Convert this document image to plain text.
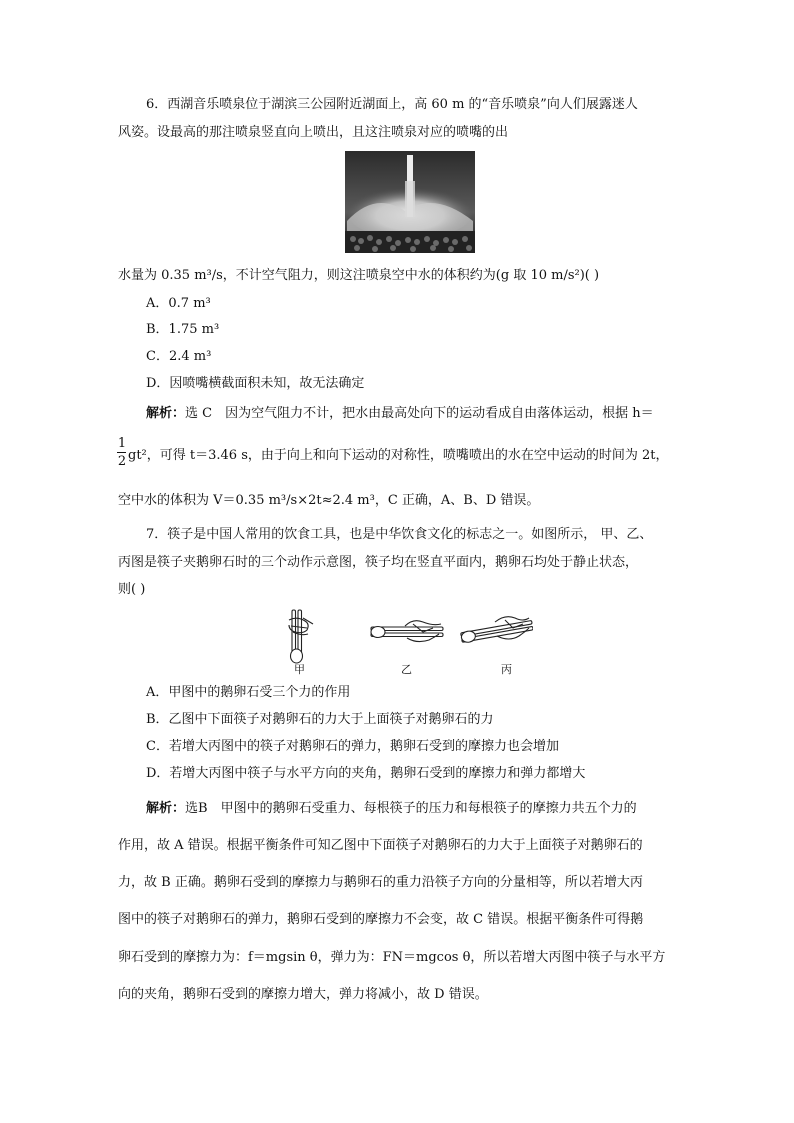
6．西湖音乐喷泉位于湖滨三公园附近湖面上，高 60 m 的“音乐喷泉”向人们展露迷人
风姿。设最高的那注喷泉竖直向上喷出，且这注喷泉对应的喷嘴的出
水量为 0.35 m³/s，不计空气阻力，则这注喷泉空中水的体积约为(g 取 10 m/s²)( )
A．0.7 m³
B．1.75 m³
C．2.4 m³
D．因喷嘴横截面积未知，故无法确定
解析：选 C　因为空气阻力不计，把水由最高处向下的运动看成自由落体运动，根据 h＝
1
2 gt²，可得 t＝3.46 s，由于向上和向下运动的对称性，喷嘴喷出的水在空中运动的时间为 2t，
空中水的体积为 V＝0.35 m³/s×2t≈2.4 m³，C 正确，A、B、D 错误。
7．筷子是中国人常用的饮食工具，也是中华饮食文化的标志之一。如图所示， 甲、乙、
丙图是筷子夹鹅卵石时的三个动作示意图，筷子均在竖直平面内，鹅卵石均处于静止状态，
则( )
甲	乙	丙
A．甲图中的鹅卵石受三个力的作用
B．乙图中下面筷子对鹅卵石的力大于上面筷子对鹅卵石的力
C．若增大丙图中的筷子对鹅卵石的弹力，鹅卵石受到的摩擦力也会增加
D．若增大丙图中筷子与水平方向的夹角，鹅卵石受到的摩擦力和弹力都增大
解析：选B　甲图中的鹅卵石受重力、每根筷子的压力和每根筷子的摩擦力共五个力的
作用，故 A 错误。根据平衡条件可知乙图中下面筷子对鹅卵石的力大于上面筷子对鹅卵石的
力，故 B 正确。鹅卵石受到的摩擦力与鹅卵石的重力沿筷子方向的分量相等，所以若增大丙
图中的筷子对鹅卵石的弹力，鹅卵石受到的摩擦力不会变，故 C 错误。根据平衡条件可得鹅
卵石受到的摩擦力为：f＝mgsin θ，弹力为：FN＝mgcos θ，所以若增大丙图中筷子与水平方
向的夹角，鹅卵石受到的摩擦力增大，弹力将减小，故 D 错误。
